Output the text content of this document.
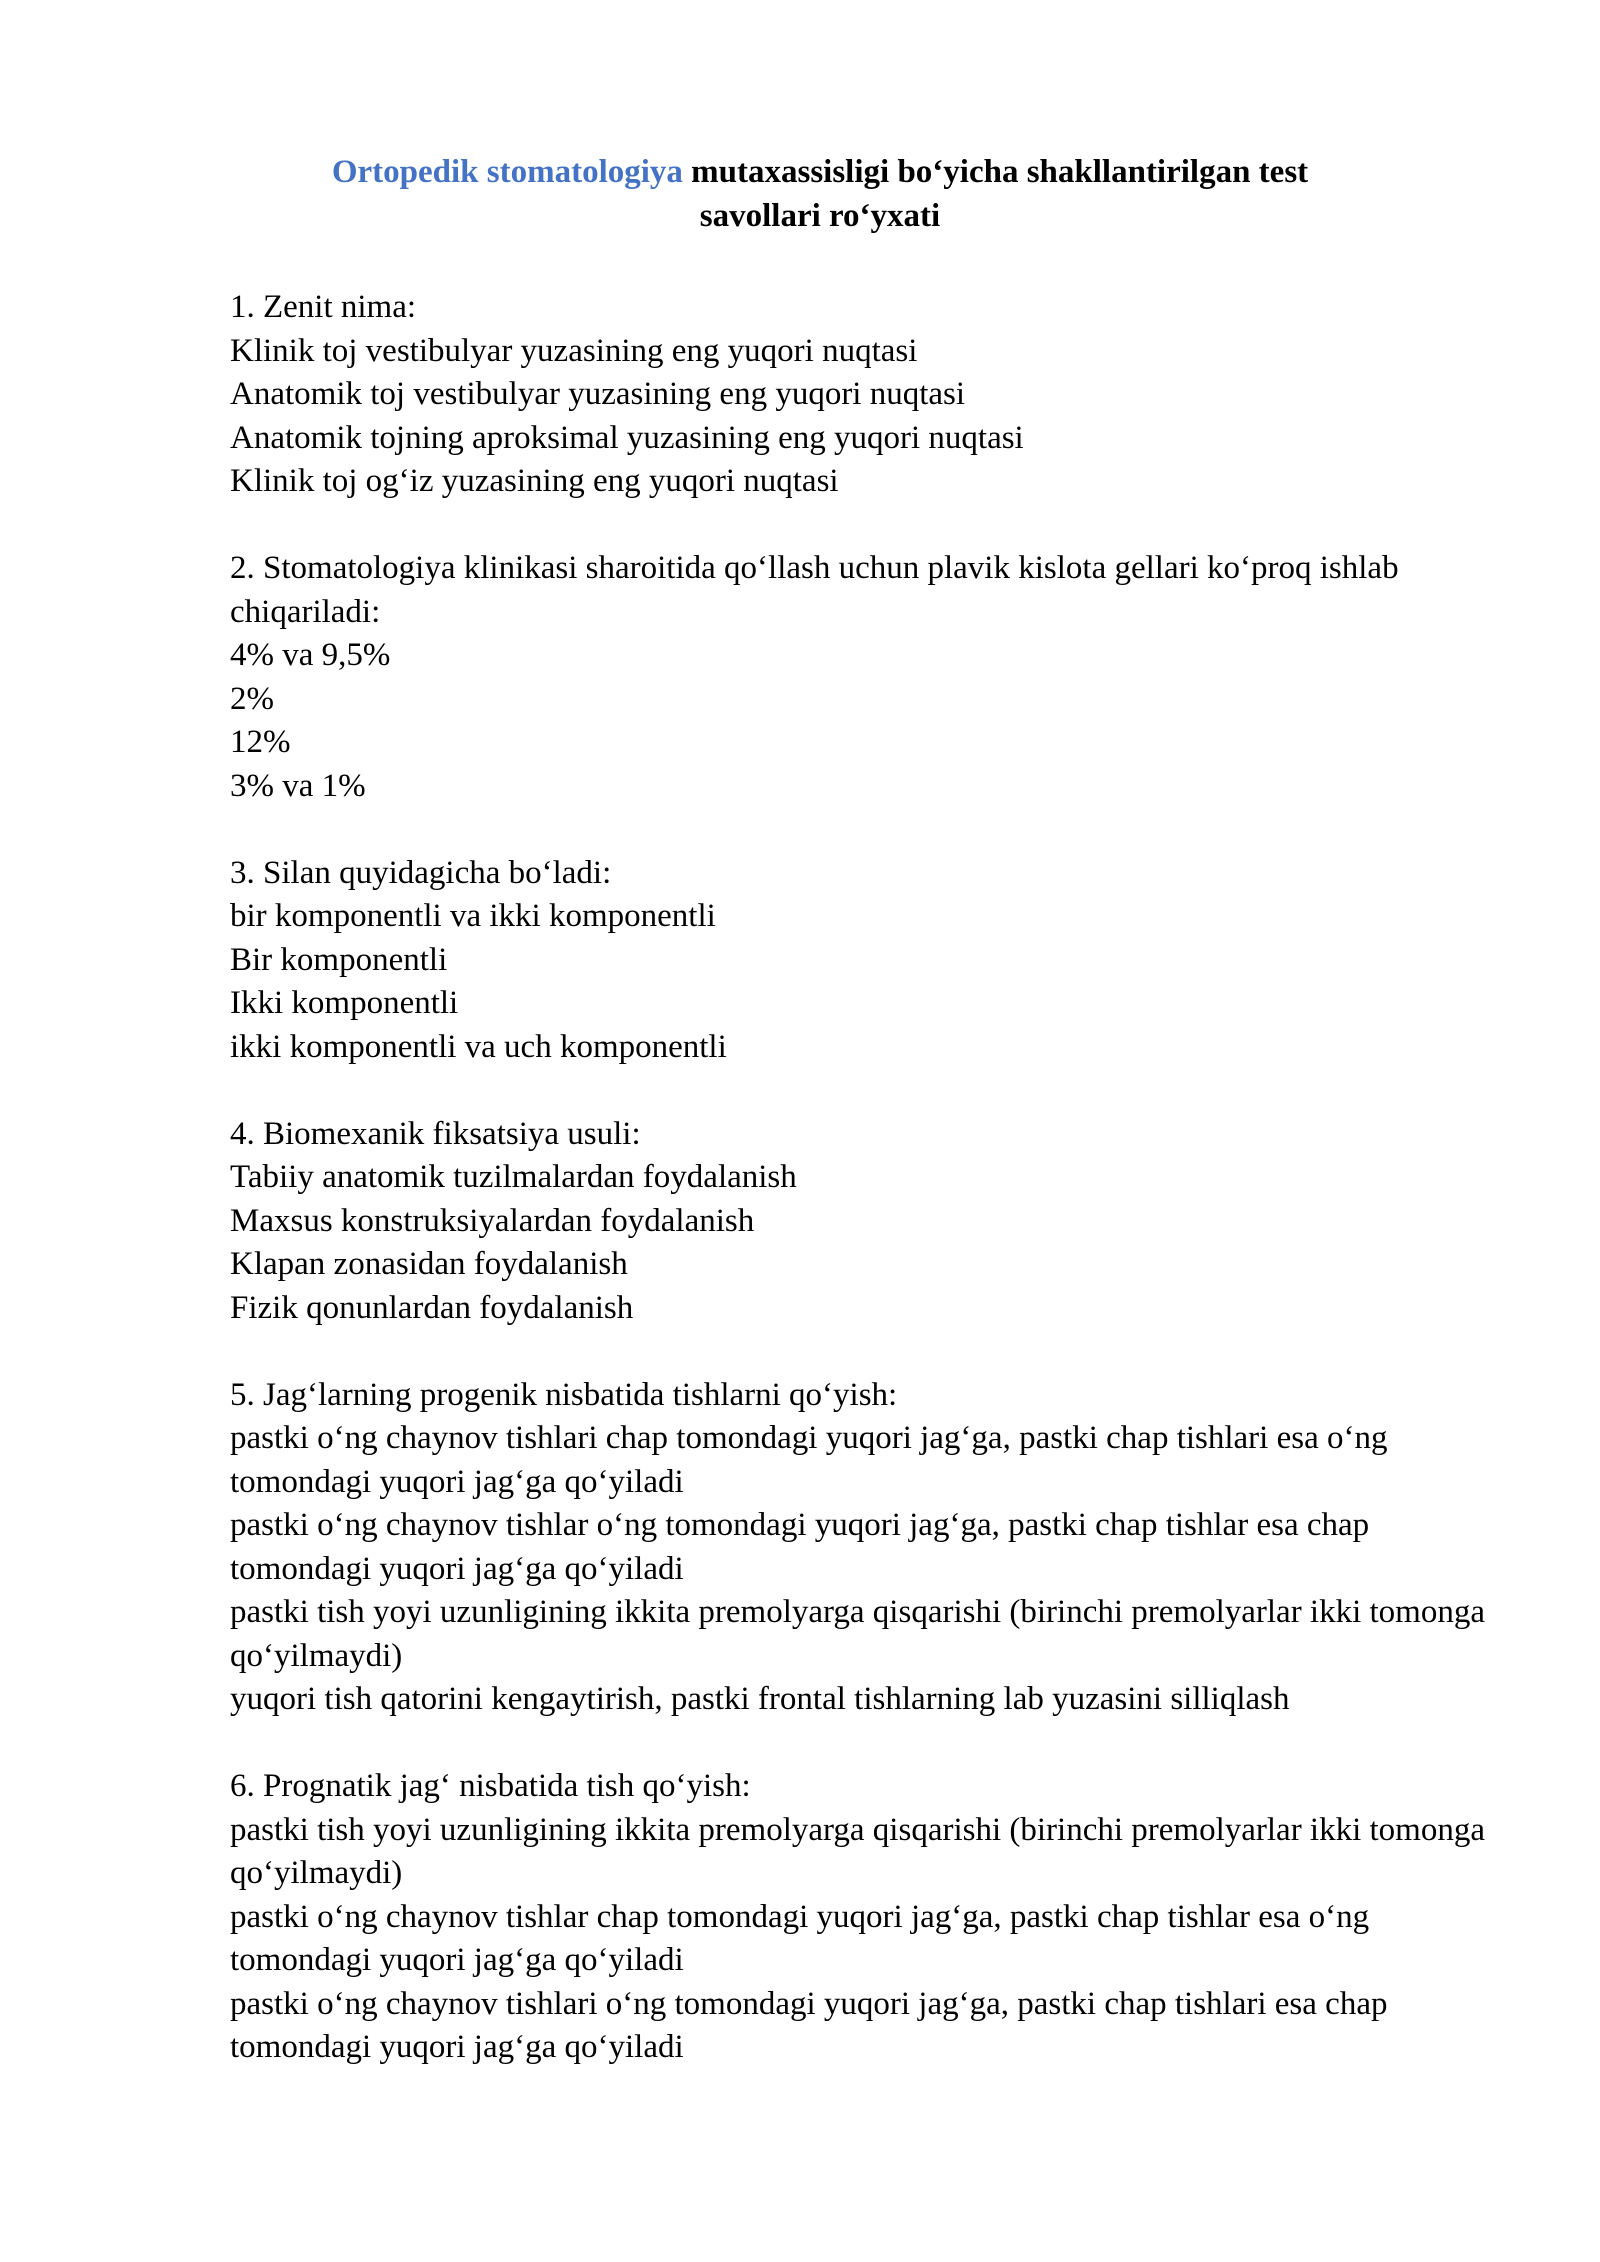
Ortopedik stomatologiya mutaxassisligi bo‘yicha shakllantirilgan test
savollari ro‘yxati
1. Zenit nima:
Klinik toj vestibulyar yuzasining eng yuqori nuqtasi
Anatomik toj vestibulyar yuzasining eng yuqori nuqtasi
Anatomik tojning aproksimal yuzasining eng yuqori nuqtasi
Klinik toj og‘iz yuzasining eng yuqori nuqtasi
2. Stomatologiya klinikasi sharoitida qo‘llash uchun plavik kislota gellari ko‘proq ishlab chiqariladi:
4% va 9,5%
2%
12%
3% va 1%
3. Silan quyidagicha bo‘ladi:
bir komponentli va ikki komponentli
Bir komponentli
Ikki komponentli
ikki komponentli va uch komponentli
4. Biomexanik fiksatsiya usuli:
Tabiiy anatomik tuzilmalardan foydalanish
Maxsus konstruksiyalardan foydalanish
Klapan zonasidan foydalanish
Fizik qonunlardan foydalanish
5. Jag‘larning progenik nisbatida tishlarni qo‘yish:
pastki o‘ng chaynov tishlari chap tomondagi yuqori jag‘ga, pastki chap tishlari esa o‘ng tomondagi yuqori jag‘ga qo‘yiladi
pastki o‘ng chaynov tishlar o‘ng tomondagi yuqori jag‘ga, pastki chap tishlar esa chap tomondagi yuqori jag‘ga qo‘yiladi
pastki tish yoyi uzunligining ikkita premolyarga qisqarishi (birinchi premolyarlar ikki tomonga qo‘yilmaydi)
yuqori tish qatorini kengaytirish, pastki frontal tishlarning lab yuzasini silliqlash
6. Prognatik jag‘ nisbatida tish qo‘yish:
pastki tish yoyi uzunligining ikkita premolyarga qisqarishi (birinchi premolyarlar ikki tomonga qo‘yilmaydi)
pastki o‘ng chaynov tishlar chap tomondagi yuqori jag‘ga, pastki chap tishlar esa o‘ng tomondagi yuqori jag‘ga qo‘yiladi
pastki o‘ng chaynov tishlari o‘ng tomondagi yuqori jag‘ga, pastki chap tishlari esa chap tomondagi yuqori jag‘ga qo‘yiladi
